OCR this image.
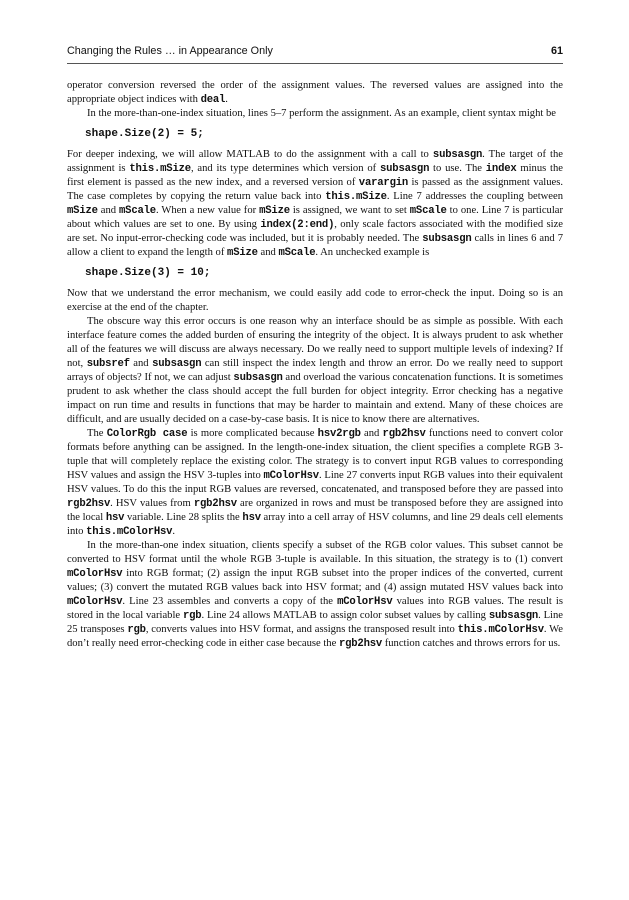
Changing the Rules … in Appearance Only	61

operator conversion reversed the order of the assignment values. The reversed values are assigned into the appropriate object indices with deal.

In the more-than-one-index situation, lines 5–7 perform the assignment. As an example, client syntax might be

shape.Size(2) = 5;

For deeper indexing, we will allow MATLAB to do the assignment with a call to subsasgn. The target of the assignment is this.mSize, and its type determines which version of subsasgn to use. The index minus the first element is passed as the new index, and a reversed version of varargin is passed as the assignment values. The case completes by copying the return value back into this.mSize. Line 7 addresses the coupling between mSize and mScale. When a new value for mSize is assigned, we want to set mScale to one. Line 7 is particular about which values are set to one. By using index(2:end), only scale factors associated with the modified size are set. No input-error-checking code was included, but it is probably needed. The subsasgn calls in lines 6 and 7 allow a client to expand the length of mSize and mScale. An unchecked example is

shape.Size(3) = 10;

Now that we understand the error mechanism, we could easily add code to error-check the input. Doing so is an exercise at the end of the chapter.

The obscure way this error occurs is one reason why an interface should be as simple as possible. With each interface feature comes the added burden of ensuring the integrity of the object. It is always prudent to ask whether all of the features we will discuss are always necessary. Do we really need to support multiple levels of indexing? If not, subsref and subsasgn can still inspect the index length and throw an error. Do we really need to support arrays of objects? If not, we can adjust subsasgn and overload the various concatenation functions. It is sometimes prudent to ask whether the class should accept the full burden for object integrity. Error checking has a negative impact on run time and results in functions that may be harder to maintain and extend. Many of these choices are difficult, and are usually decided on a case-by-case basis. It is nice to know there are alternatives.

The ColorRgb case is more complicated because hsv2rgb and rgb2hsv functions need to convert color formats before anything can be assigned. In the length-one-index situation, the client specifies a complete RGB 3-tuple that will completely replace the existing color. The strategy is to convert input RGB values to corresponding HSV values and assign the HSV 3-tuples into mColorHsv. Line 27 converts input RGB values into their equivalent HSV values. To do this the input RGB values are reversed, concatenated, and transposed before they are passed into rgb2hsv. HSV values from rgb2hsv are organized in rows and must be transposed before they are assigned into the local hsv variable. Line 28 splits the hsv array into a cell array of HSV columns, and line 29 deals cell elements into this.mColorHsv.

In the more-than-one index situation, clients specify a subset of the RGB color values. This subset cannot be converted to HSV format until the whole RGB 3-tuple is available. In this situation, the strategy is to (1) convert mColorHsv into RGB format; (2) assign the input RGB subset into the proper indices of the converted, current values; (3) convert the mutated RGB values back into HSV format; and (4) assign mutated HSV values back into mColorHsv. Line 23 assembles and converts a copy of the mColorHsv values into RGB values. The result is stored in the local variable rgb. Line 24 allows MATLAB to assign color subset values by calling subsasgn. Line 25 transposes rgb, converts values into HSV format, and assigns the transposed result into this.mColorHsv. We don’t really need error-checking code in either case because the rgb2hsv function catches and throws errors for us.
